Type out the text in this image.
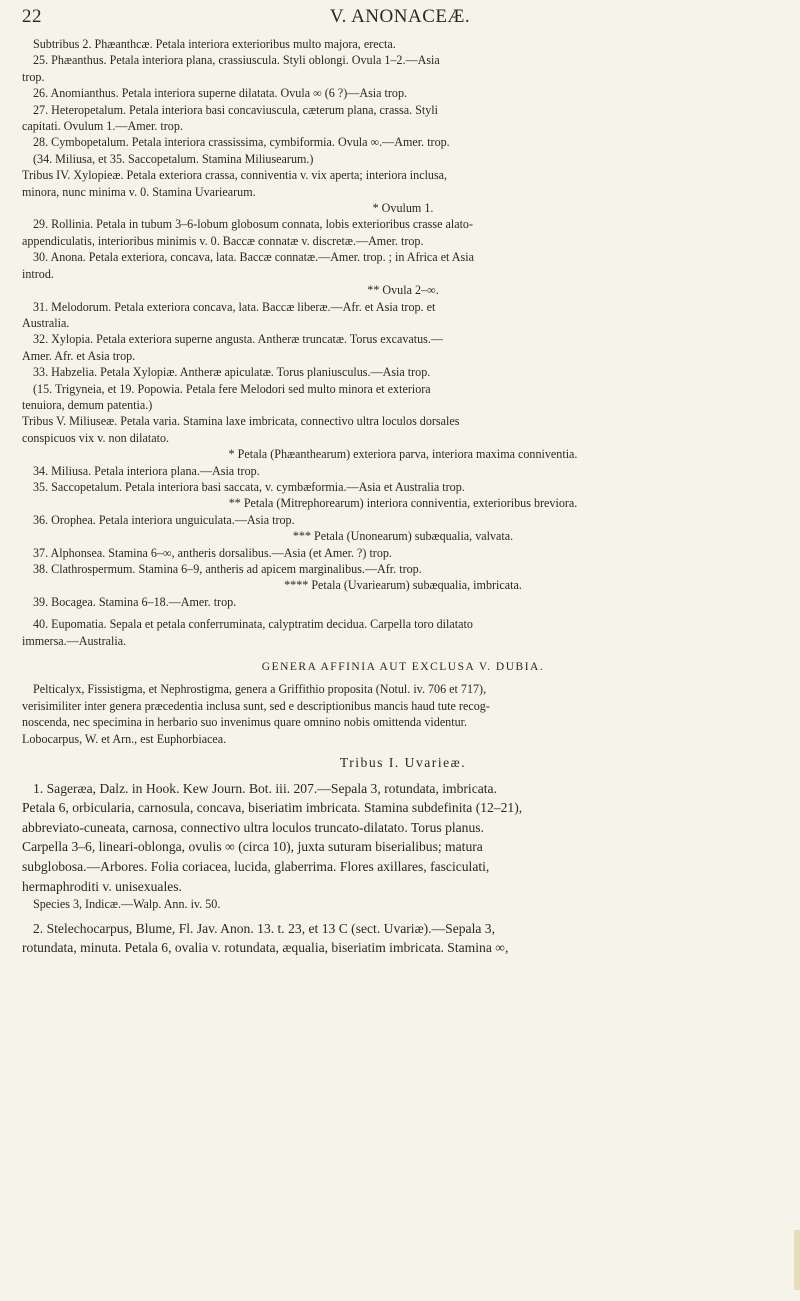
22	V. ANONACEÆ.
Subtribus 2. Phæanthcæ. Petala interiora exterioribus multo majora, erecta.
25. Phæanthus. Petala interiora plana, crassiuscula. Styli oblongi. Ovula 1–2.—Asia
trop.
26. Anomianthus. Petala interiora superne dilatata. Ovula ∞ (6 ?)—Asia trop.
27. Heteropetalum. Petala interiora basi concaviuscula, cæterum plana, crassa. Styli
capitati. Ovulum 1.—Amer. trop.
28. Cymbopetalum. Petala interiora crassissima, cymbiformia. Ovula ∞.—Amer. trop.
(34. Miliusa, et 35. Saccopetalum. Stamina Miliusearum.)
Tribus IV. Xylopieæ. Petala exteriora crassa, conniventia v. vix aperta; interiora inclusa,
minora, nunc minima v. 0. Stamina Uvariearum.
* Ovulum 1.
29. Rollinia. Petala in tubum 3–6-lobum globosum connata, lobis exterioribus crasse alato-
appendiculatis, interioribus minimis v. 0. Baccæ connatæ v. discretæ.—Amer. trop.
30. Anona. Petala exteriora, concava, lata. Baccæ connatæ.—Amer. trop. ; in Africa et Asia
introd.
** Ovula 2–∞.
31. Melodorum. Petala exteriora concava, lata. Baccæ liberæ.—Afr. et Asia trop. et
Australia.
32. Xylopia. Petala exteriora superne angusta. Antheræ truncatæ. Torus excavatus.—
Amer. Afr. et Asia trop.
33. Habzelia. Petala Xylopiæ. Antheræ apiculatæ. Torus planiusculus.—Asia trop.
(15. Trigyneia, et 19. Popowia. Petala fere Melodori sed multo minora et exteriora
tenuiora, demum patentia.)
Tribus V. Miliuseæ. Petala varia. Stamina laxe imbricata, connectivo ultra loculos dorsales
conspicuos vix v. non dilatato.
* Petala (Phæanthearum) exteriora parva, interiora maxima conniventia.
34. Miliusa. Petala interiora plana.—Asia trop.
35. Saccopetalum. Petala interiora basi saccata, v. cymbæformia.—Asia et Australia trop.
** Petala (Mitrephorearum) interiora conniventia, exterioribus breviora.
36. Orophea. Petala interiora unguiculata.—Asia trop.
*** Petala (Unonearum) subæqualia, valvata.
37. Alphonsea. Stamina 6–∞, antheris dorsalibus.—Asia (et Amer. ?) trop.
38. Clathrospermum. Stamina 6–9, antheris ad apicem marginalibus.—Afr. trop.
**** Petala (Uvariearum) subæqualia, imbricata.
39. Bocagea. Stamina 6–18.—Amer. trop.
40. Eupomatia. Sepala et petala conferruminata, calyptratim decidua. Carpella toro dilatato
immersa.—Australia.
GENERA AFFINIA AUT EXCLUSA V. DUBIA.
Pelticalyx, Fissistigma, et Nephrostigma, genera a Griffithio proposita (Notul. iv. 706 et 717),
verisimiliter inter genera præcedentia inclusa sunt, sed e descriptionibus mancis haud tute recog-
noscenda, nec specimina in herbario suo invenimus quare omnino nobis omittenda videntur.
Lobocarpus, W. et Arn., est Euphorbiacea.
Tribus I. Uvarieæ.
1. Sageræa, Dalz. in Hook. Kew Journ. Bot. iii. 207.—Sepala 3, rotundata, imbricata.
Petala 6, orbicularia, carnosula, concava, biseriatim imbricata. Stamina subdefinita (12–21),
abbreviato-cuneata, carnosa, connectivo ultra loculos truncato-dilatato. Torus planus.
Carpella 3–6, lineari-oblonga, ovulis ∞ (circa 10), juxta suturam biserialibus; matura
subglobosa.—Arbores. Folia coriacea, lucida, glaberrima. Flores axillares, fasciculati,
hermaphroditi v. unisexuales.
Species 3, Indicæ.—Walp. Ann. iv. 50.
2. Stelechocarpus, Blume, Fl. Jav. Anon. 13. t. 23, et 13 C (sect. Uvariæ).—Sepala 3,
rotundata, minuta. Petala 6, ovalia v. rotundata, æqualia, biseriatim imbricata. Stamina ∞,
